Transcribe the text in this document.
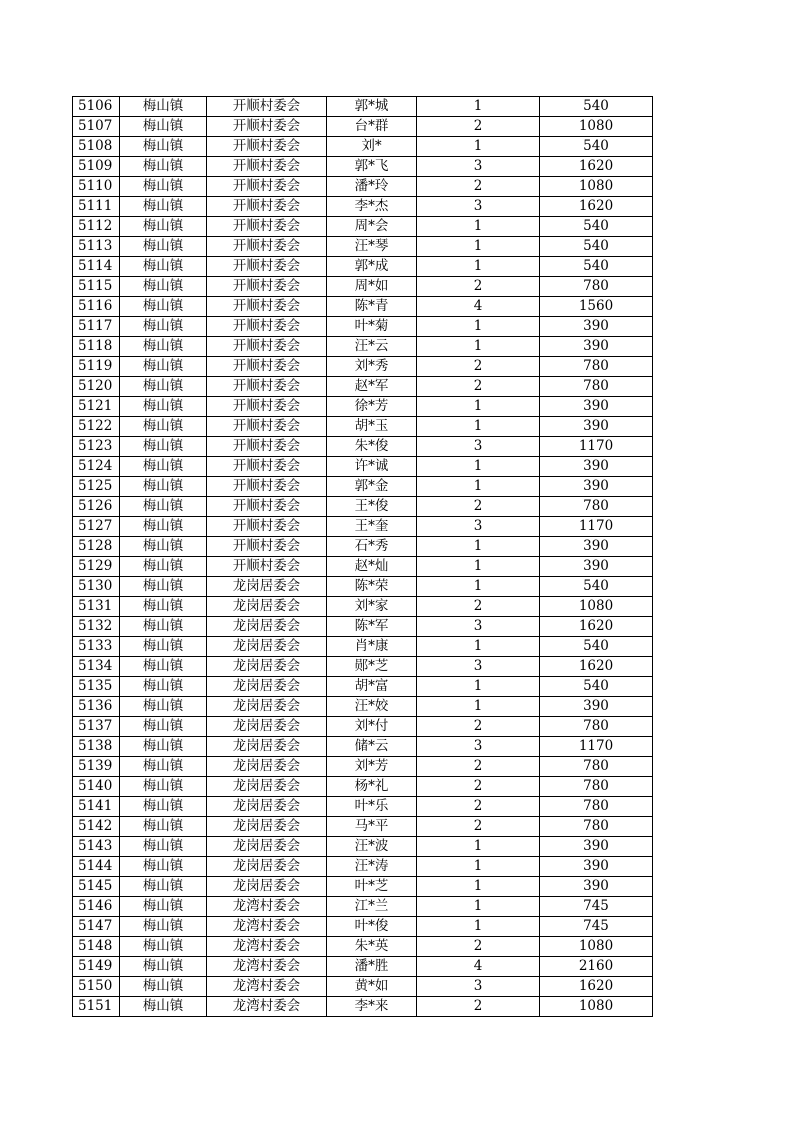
5106	梅山镇	开顺村委会	郭*城	1	540
5107	梅山镇	开顺村委会	台*群	2	1080
5108	梅山镇	开顺村委会	刘*	1	540
5109	梅山镇	开顺村委会	郭*飞	3	1620
5110	梅山镇	开顺村委会	潘*玲	2	1080
5111	梅山镇	开顺村委会	李*杰	3	1620
5112	梅山镇	开顺村委会	周*会	1	540
5113	梅山镇	开顺村委会	汪*琴	1	540
5114	梅山镇	开顺村委会	郭*成	1	540
5115	梅山镇	开顺村委会	周*如	2	780
5116	梅山镇	开顺村委会	陈*青	4	1560
5117	梅山镇	开顺村委会	叶*菊	1	390
5118	梅山镇	开顺村委会	汪*云	1	390
5119	梅山镇	开顺村委会	刘*秀	2	780
5120	梅山镇	开顺村委会	赵*军	2	780
5121	梅山镇	开顺村委会	徐*芳	1	390
5122	梅山镇	开顺村委会	胡*玉	1	390
5123	梅山镇	开顺村委会	朱*俊	3	1170
5124	梅山镇	开顺村委会	许*诚	1	390
5125	梅山镇	开顺村委会	郭*金	1	390
5126	梅山镇	开顺村委会	王*俊	2	780
5127	梅山镇	开顺村委会	王*奎	3	1170
5128	梅山镇	开顺村委会	石*秀	1	390
5129	梅山镇	开顺村委会	赵*灿	1	390
5130	梅山镇	龙岗居委会	陈*荣	1	540
5131	梅山镇	龙岗居委会	刘*家	2	1080
5132	梅山镇	龙岗居委会	陈*军	3	1620
5133	梅山镇	龙岗居委会	肖*康	1	540
5134	梅山镇	龙岗居委会	郧*芝	3	1620
5135	梅山镇	龙岗居委会	胡*富	1	540
5136	梅山镇	龙岗居委会	汪*姣	1	390
5137	梅山镇	龙岗居委会	刘*付	2	780
5138	梅山镇	龙岗居委会	储*云	3	1170
5139	梅山镇	龙岗居委会	刘*芳	2	780
5140	梅山镇	龙岗居委会	杨*礼	2	780
5141	梅山镇	龙岗居委会	叶*乐	2	780
5142	梅山镇	龙岗居委会	马*平	2	780
5143	梅山镇	龙岗居委会	汪*波	1	390
5144	梅山镇	龙岗居委会	汪*涛	1	390
5145	梅山镇	龙岗居委会	叶*芝	1	390
5146	梅山镇	龙湾村委会	江*兰	1	745
5147	梅山镇	龙湾村委会	叶*俊	1	745
5148	梅山镇	龙湾村委会	朱*英	2	1080
5149	梅山镇	龙湾村委会	潘*胜	4	2160
5150	梅山镇	龙湾村委会	黄*如	3	1620
5151	梅山镇	龙湾村委会	李*来	2	1080
